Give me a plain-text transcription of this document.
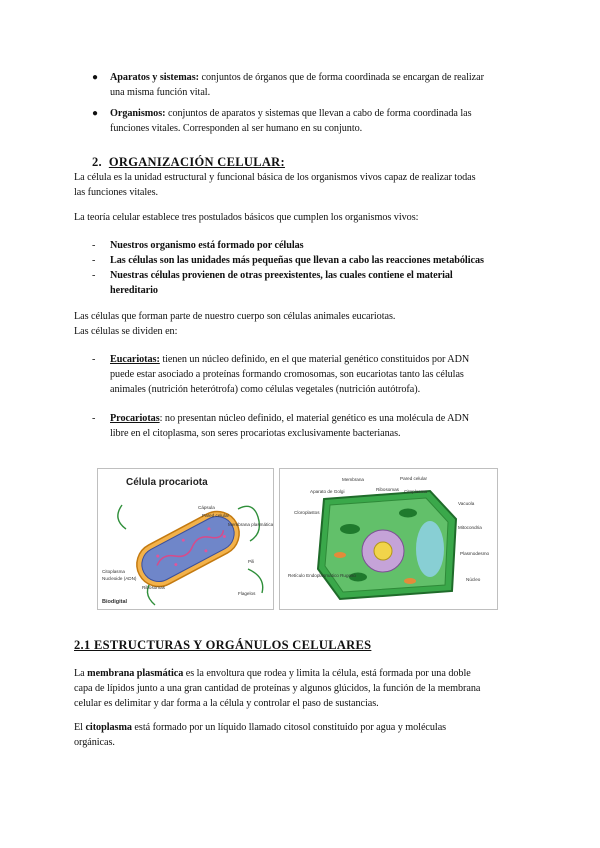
● Aparatos y sistemas: conjuntos de órganos que de forma coordinada se encargan de realizar
una misma función vital.
● Organismos: conjuntos de aparatos y sistemas que llevan a cabo de forma coordinada las
funciones vitales. Corresponden al ser humano en su conjunto.
2. ORGANIZACIÓN CELULAR:
La célula es la unidad estructural y funcional básica de los organismos vivos capaz de realizar todas
las funciones vitales.
La teoría celular establece tres postulados básicos que cumplen los organismos vivos:
- Nuestros organismo está formado por células
- Las células son las unidades más pequeñas que llevan a cabo las reacciones metabólicas
- Nuestras células provienen de otras preexistentes, las cuales contiene el material
hereditario
Las células que forman parte de nuestro cuerpo son células animales eucariotas.
Las células se dividen en:
- Eucariotas: tienen un núcleo definido, en el que material genético constituidos por ADN
puede estar asociado a proteínas formando cromosomas, son eucariotas tanto las células
animales (nutrición heterótrofa) como células vegetales (nutrición autótrofa).
- Procariotas: no presentan núcleo definido, el material genético es una molécula de ADN
libre en el citoplasma, son seres procariotas exclusivamente bacterianas.
Célula procariota
Cápsula
Pared celular
Membrana plasmática
Citoplasma
Nucleoide (ADN)
Ribosomas
Pili
Flagelos
Biodigital
Membrana	Pared celular
Aparato de Golgi	Ribosomas
Cloroplastos
Citoplasma
Vacuola
Mitocondria
Plasmodesmo
Núcleo
Retículo Endoplasmático Rugoso
2.1 ESTRUCTURAS Y ORGÁNULOS CELULARES
La membrana plasmática es la envoltura que rodea y limita la célula, está formada por una doble
capa de lípidos junto a una gran cantidad de proteínas y algunos glúcidos, la función de la membrana
celular es delimitar y dar forma a la célula y controlar el paso de sustancias.
El citoplasma está formado por un líquido llamado citosol constituido por agua y moléculas
orgánicas.
